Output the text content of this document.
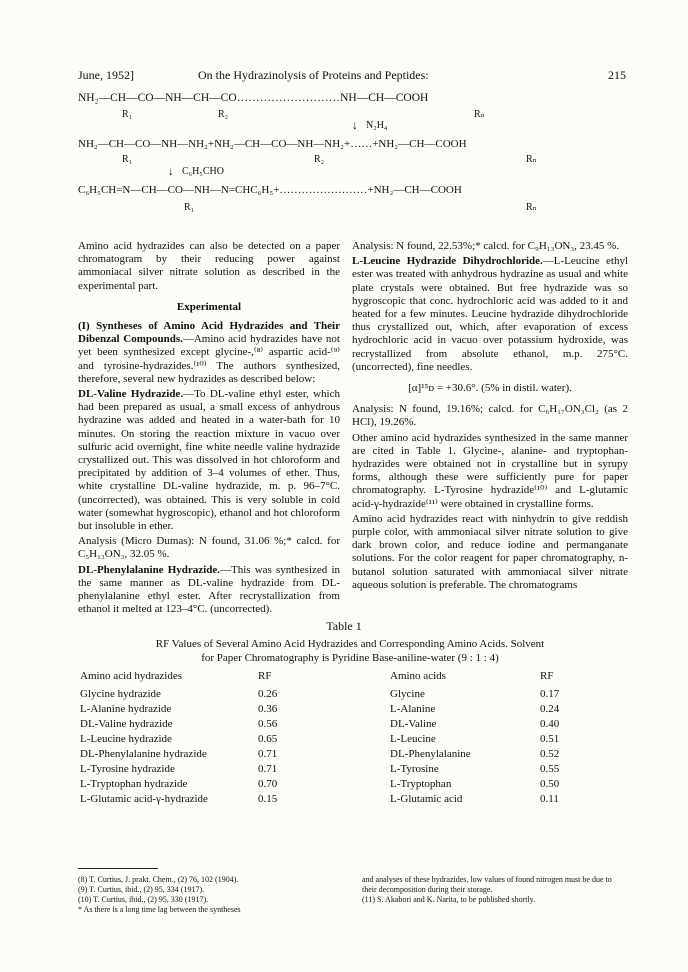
June, 1952]	On the Hydrazinolysis of Proteins and Peptides:	215
NH₂—CH—CO—NH—CH—CO………………………NH—CH—COOH
R₁	R₂	Rₙ
↓ N₂H₄
NH₂—CH—CO—NH—NH₂+NH₂—CH—CO—NH—NH₂+……+NH₂—CH—COOH
R₁	R₂	Rₙ
↓ C₆H₅CHO
C₆H₅CH=N—CH—CO—NH—N=CHC₆H₅+……………………+NH₂—CH—COOH
R₁	Rₙ

Amino acid hydrazides can also be detected on a paper chromatogram by their reducing power against ammoniacal silver nitrate solution as described in the experimental part.

Experimental

(I) Syntheses of Amino Acid Hydrazides and Their Dibenzal Compounds.—Amino acid hydrazides have not yet been synthesized except glycine-,⁽⁸⁾ aspartic acid-⁽⁹⁾ and tyrosine-hydrazides.⁽¹⁰⁾ The authors synthesized, therefore, several new hydrazides as described below:

DL-Valine Hydrazide.—To DL-valine ethyl ester, which had been prepared as usual, a small excess of anhydrous hydrazine was added and heated in a water-bath for 10 minutes. On storing the reaction mixture in vacuo over sulfuric acid overnight, fine white needle valine hydrazide crystallized out. This was dissolved in hot chloroform and precipitated by addition of 3–4 volumes of ether. Thus, white crystalline DL-valine hydrazide, m. p. 96–7°C. (uncorrected), was obtained. This is very soluble in cold water (somewhat hygroscopic), ethanol and hot chloroform but insoluble in ether.

Analysis (Micro Dumas): N found, 31.06 %;* calcd. for C₅H₁₃ON₃, 32.05 %.

DL-Phenylalanine Hydrazide.—This was synthesized in the same manner as DL-valine hydrazide from DL-phenylalanine ethyl ester. After recrystallization from ethanol it melted at 123–4°C. (uncorrected).

Analysis: N found, 22.53%;* calcd. for C₉H₁₃ON₃, 23.45 %.

L-Leucine Hydrazide Dihydrochloride.—L-Leucine ethyl ester was treated with anhydrous hydrazine as usual and white plate crystals were obtained. But free hydrazide was so hygroscopic that conc. hydrochloric acid was added to it and heated for a few minutes. Leucine hydrazide dihydrochloride thus crystallized out, which, after evaporation of excess hydrochloric acid in vacuo over potassium hydroxide, was recrystallized from absolute ethanol, m.p. 275°C. (uncorrected), fine needles.

[α]¹⁵ᴅ = +30.6°. (5% in distil. water).

Analysis: N found, 19.16%; calcd. for C₆H₁₇ON₃Cl₂ (as 2 HCl), 19.26%.

Other amino acid hydrazides synthesized in the same manner are cited in Table 1. Glycine-, alanine- and tryptophan-hydrazides were obtained not in crystalline but in syrupy forms, although these were sufficiently pure for paper chromatography. L-Tyrosine hydrazide⁽¹⁰⁾ and L-glutamic acid-γ-hydrazide⁽¹¹⁾ were obtained in crystalline forms.

Amino acid hydrazides react with ninhydrin to give reddish purple color, with ammoniacal silver nitrate solution to give dark brown color, and reduce iodine and permanganate solutions. For the color reagent for paper chromatography, n-butanol solution saturated with ammoniacal silver nitrate aqueous solution is preferable. The chromatograms

Table 1
RF Values of Several Amino Acid Hydrazides and Corresponding Amino Acids. Solvent for Paper Chromatography is Pyridine Base-aniline-water (9 : 1 : 4)
Amino acid hydrazides	RF	Amino acids	RF
Glycine hydrazide	0.26	Glycine	0.17
L-Alanine hydrazide	0.36	L-Alanine	0.24
DL-Valine hydrazide	0.56	DL-Valine	0.40
L-Leucine hydrazide	0.65	L-Leucine	0.51
DL-Phenylalanine hydrazide	0.71	DL-Phenylalanine	0.52
L-Tyrosine hydrazide	0.71	L-Tyrosine	0.55
L-Tryptophan hydrazide	0.70	L-Tryptophan	0.50
L-Glutamic acid-γ-hydrazide	0.15	L-Glutamic acid	0.11
(8) T. Curtius, J. prakt. Chem., (2) 76, 102 (1904).
(9) T. Curtius, ibid., (2) 95, 334 (1917).
(10) T. Curtius, ibid., (2) 95, 330 (1917).
* As there is a long time lag between the syntheses
and analyses of these hydrazides, low values of found nitrogen must be due to their decomposition during their storage.
(11) S. Akabori and K. Narita, to be published shortly.
